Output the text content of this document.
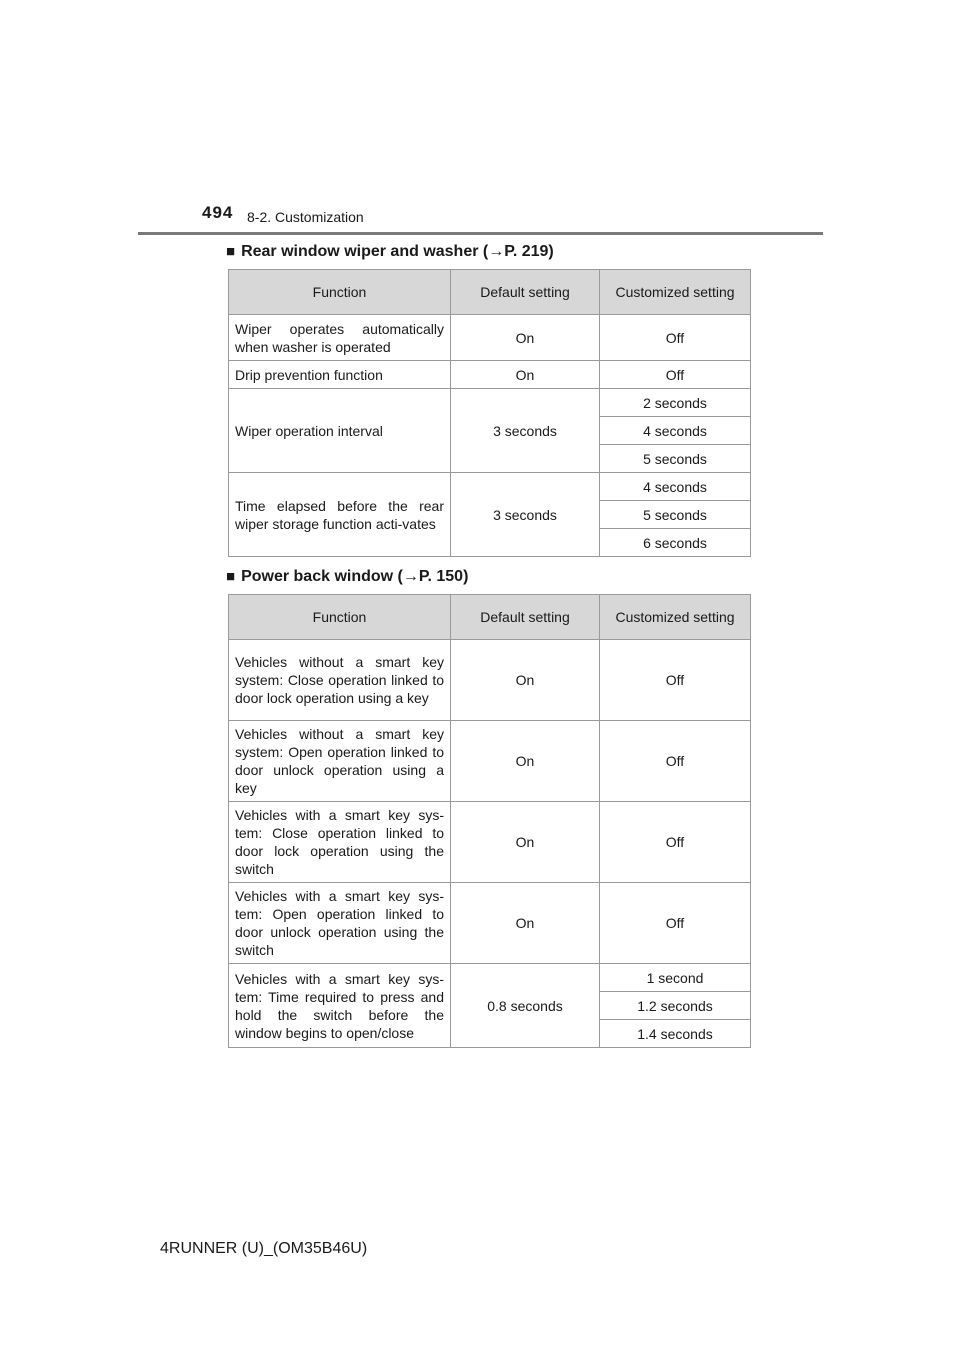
494 8-2. Customization
■ Rear window wiper and washer (→P. 219)
Function	Default setting	Customized setting
Wiper operates automatically when washer is operated	On	Off
Drip prevention function	On	Off
Wiper operation interval	3 seconds	2 seconds
		4 seconds
		5 seconds
Time elapsed before the rear wiper storage function acti-vates	3 seconds	4 seconds
		5 seconds
		6 seconds
■ Power back window (→P. 150)
Function	Default setting	Customized setting
Vehicles without a smart key system: Close operation linked to door lock operation using a key	On	Off
Vehicles without a smart key system: Open operation linked to door unlock operation using a key	On	Off
Vehicles with a smart key sys-tem: Close operation linked to door lock operation using the switch	On	Off
Vehicles with a smart key sys-tem: Open operation linked to door unlock operation using the switch	On	Off
Vehicles with a smart key sys-tem: Time required to press and hold the switch before the window begins to open/close	0.8 seconds	1 second
		1.2 seconds
		1.4 seconds
4RUNNER (U)_(OM35B46U)
